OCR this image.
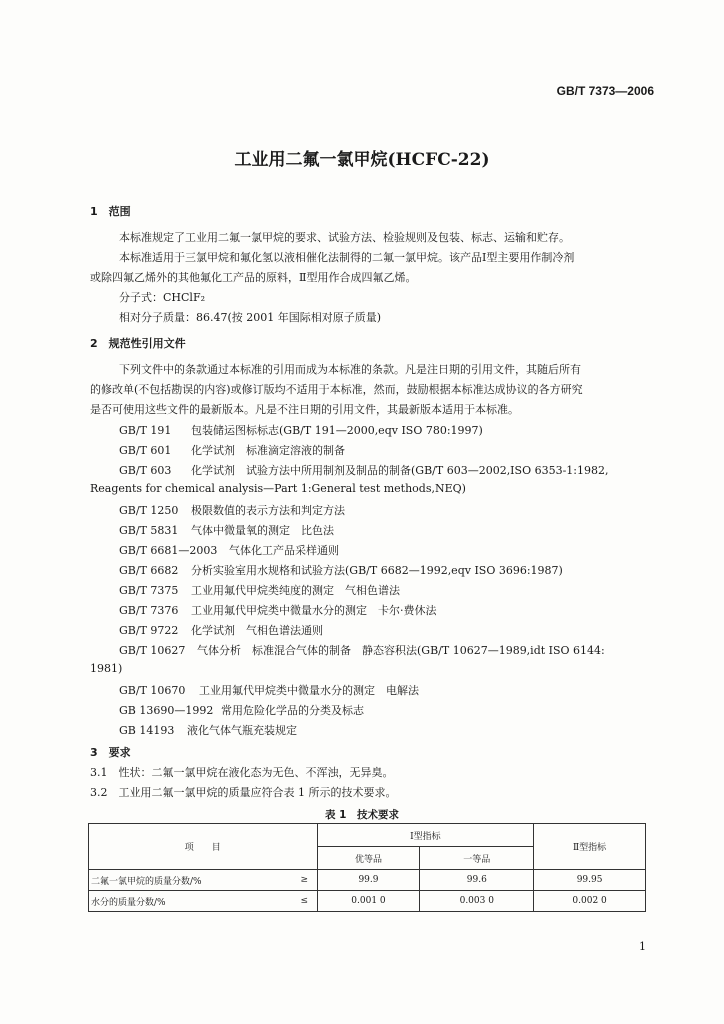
GB/T 7373—2006
工业用二氟一氯甲烷(HCFC-22)
1　范围
本标准规定了工业用二氟一氯甲烷的要求、试验方法、检验规则及包装、标志、运输和贮存。
本标准适用于三氯甲烷和氟化氢以液相催化法制得的二氟一氯甲烷。该产品Ⅰ型主要用作制冷剂
或除四氟乙烯外的其他氟化工产品的原料，Ⅱ型用作合成四氟乙烯。
分子式：CHClF₂
相对分子质量：86.47(按 2001 年国际相对原子质量)
2　规范性引用文件
下列文件中的条款通过本标准的引用而成为本标准的条款。凡是注日期的引用文件，其随后所有
的修改单(不包括勘误的内容)或修订版均不适用于本标准，然而，鼓励根据本标准达成协议的各方研究
是否可使用这些文件的最新版本。凡是不注日期的引用文件，其最新版本适用于本标准。
GB/T 191 包装储运图标标志(GB/T 191—2000,eqv ISO 780:1997)
GB/T 601 化学试剂　标准滴定溶液的制备
GB/T 603 化学试剂　试验方法中所用制剂及制品的制备(GB/T 603—2002,ISO 6353-1:1982,
Reagents for chemical analysis—Part 1:General test methods,NEQ)
GB/T 1250 极限数值的表示方法和判定方法
GB/T 5831 气体中微量氧的测定　比色法
GB/T 6681—2003 气体化工产品采样通则
GB/T 6682 分析实验室用水规格和试验方法(GB/T 6682—1992,eqv ISO 3696:1987)
GB/T 7375 工业用氟代甲烷类纯度的测定　气相色谱法
GB/T 7376 工业用氟代甲烷类中微量水分的测定　卡尔·费休法
GB/T 9722 化学试剂　气相色谱法通则
GB/T 10627 气体分析　标准混合气体的制备　静态容积法(GB/T 10627—1989,idt ISO 6144:
1981)
GB/T 10670 工业用氟代甲烷类中微量水分的测定　电解法
GB 13690—1992 常用危险化学品的分类及标志
GB 14193 液化气体气瓶充装规定
3　要求
3.1　性状：二氟一氯甲烷在液化态为无色、不浑浊，无异臭。
3.2　工业用二氟一氯甲烷的质量应符合表 1 所示的技术要求。
表 1　技术要求
项　　目		Ⅰ型指标		Ⅱ型指标
		优等品	一等品	
二氟一氯甲烷的质量分数/%	≥	99.9	99.6	99.95
水分的质量分数/%	≤	0.001 0	0.003 0	0.002 0
1
